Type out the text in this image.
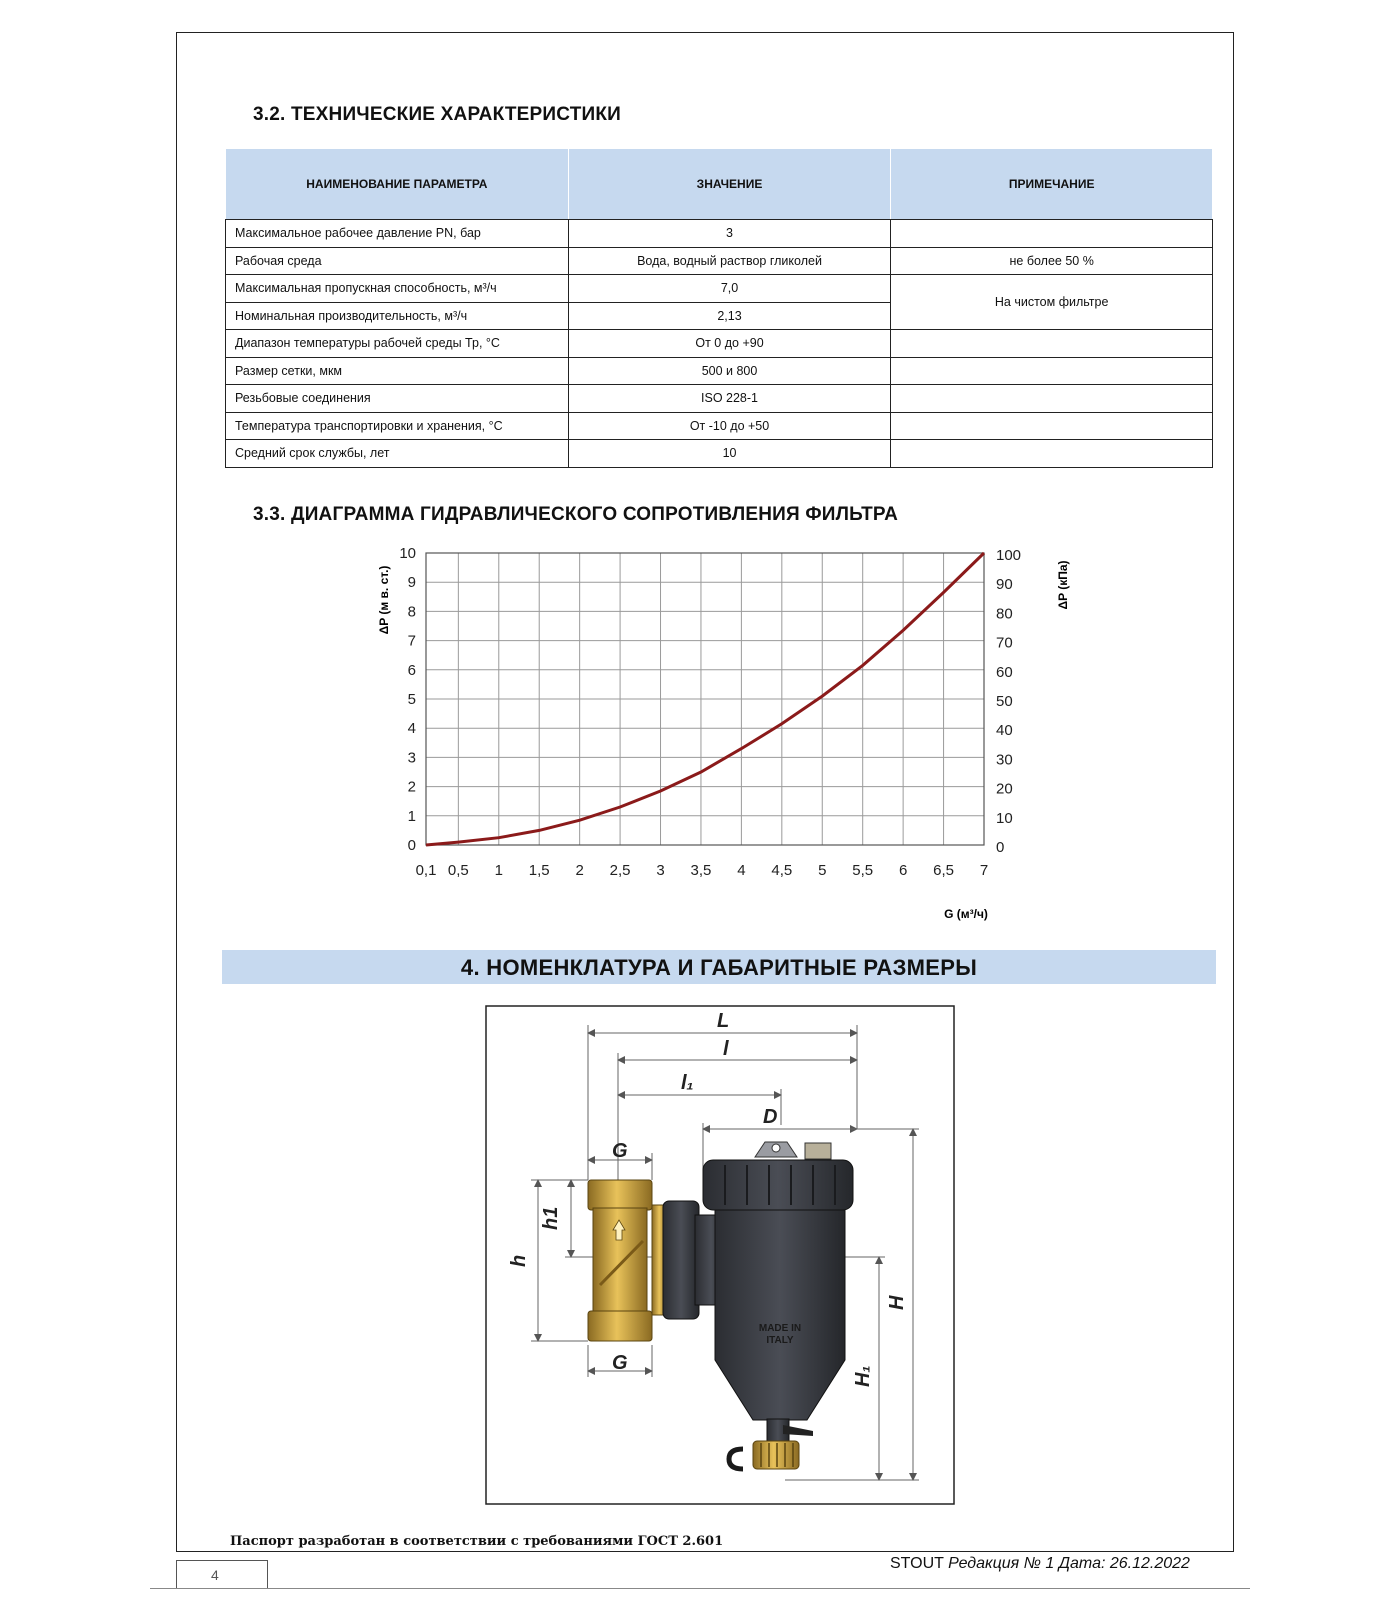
3.2. ТЕХНИЧЕСКИЕ ХАРАКТЕРИСТИКИ
НАИМЕНОВАНИЕ ПАРАМЕТРА	ЗНАЧЕНИЕ	ПРИМЕЧАНИЕ
Максимальное рабочее давление PN, бар	3	
Рабочая среда	Вода, водный раствор гликолей	не более 50 %
Максимальная пропускная способность, м³/ч	7,0	На чистом фильтре
Номинальная производительность, м³/ч	2,13	
Диапазон температуры рабочей среды Тр, °С	От 0 до +90	
Размер сетки, мкм	500 и 800	
Резьбовые соединения	ISO 228-1	
Температура транспортировки и хранения, °С	От -10 до +50	
Средний срок службы, лет	10	
3.3. ДИАГРАММА ГИДРАВЛИЧЕСКОГО СОПРОТИВЛЕНИЯ ФИЛЬТРА
0,1 0,5 1 1,5 2 2,5 3 3,5 4 4,5 5 5,5 6 6,5 7
0	0
1	10
2	20
3	30
4	40
5	50
6	60
7	70
8	80
9	90
10	100
ΔP (м в. ст.)	ΔP (кПа)
G (м³/ч)
4. НОМЕНКЛАТУРА И ГАБАРИТНЫЕ РАЗМЕРЫ
MADE IN
ITALY
L
l
l₁
D
G
G
h1
h
H
H₁
Паспорт разработан в соответствии с требованиями ГОСТ 2.601
4
STOUT Редакция № 1 Дата: 26.12.2022
